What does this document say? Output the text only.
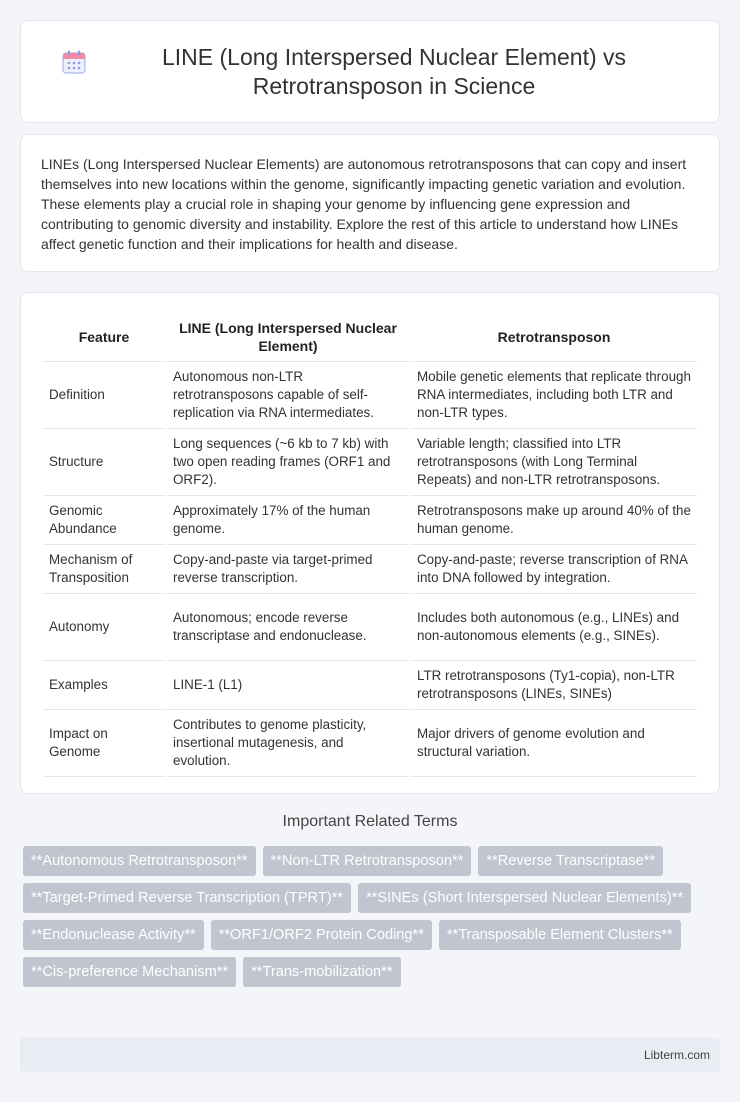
LINE (Long Interspersed Nuclear Element) vs Retrotransposon in Science

LINEs (Long Interspersed Nuclear Elements) are autonomous retrotransposons that can copy and insert themselves into new locations within the genome, significantly impacting genetic variation and evolution. These elements play a crucial role in shaping your genome by influencing gene expression and contributing to genomic diversity and instability. Explore the rest of this article to understand how LINEs affect genetic function and their implications for health and disease.

Feature	LINE (Long Interspersed Nuclear Element)	Retrotransposon
Definition	Autonomous non-LTR retrotransposons capable of self-replication via RNA intermediates.	Mobile genetic elements that replicate through RNA intermediates, including both LTR and non-LTR types.
Structure	Long sequences (~6 kb to 7 kb) with two open reading frames (ORF1 and ORF2).	Variable length; classified into LTR retrotransposons (with Long Terminal Repeats) and non-LTR retrotransposons.
Genomic Abundance	Approximately 17% of the human genome.	Retrotransposons make up around 40% of the human genome.
Mechanism of Transposition	Copy-and-paste via target-primed reverse transcription.	Copy-and-paste; reverse transcription of RNA into DNA followed by integration.
Autonomy	Autonomous; encode reverse transcriptase and endonuclease.	Includes both autonomous (e.g., LINEs) and non-autonomous elements (e.g., SINEs).
Examples	LINE-1 (L1)	LTR retrotransposons (Ty1-copia), non-LTR retrotransposons (LINEs, SINEs)
Impact on Genome	Contributes to genome plasticity, insertional mutagenesis, and evolution.	Major drivers of genome evolution and structural variation.
Important Related Terms
**Autonomous Retrotransposon**	**Non-LTR Retrotransposon**	**Reverse Transcriptase**
**Target-Primed Reverse Transcription (TPRT)**	**SINEs (Short Interspersed Nuclear Elements)**
**Endonuclease Activity**	**ORF1/ORF2 Protein Coding**	**Transposable Element Clusters**
**Cis-preference Mechanism**	**Trans-mobilization**
Libterm.com
